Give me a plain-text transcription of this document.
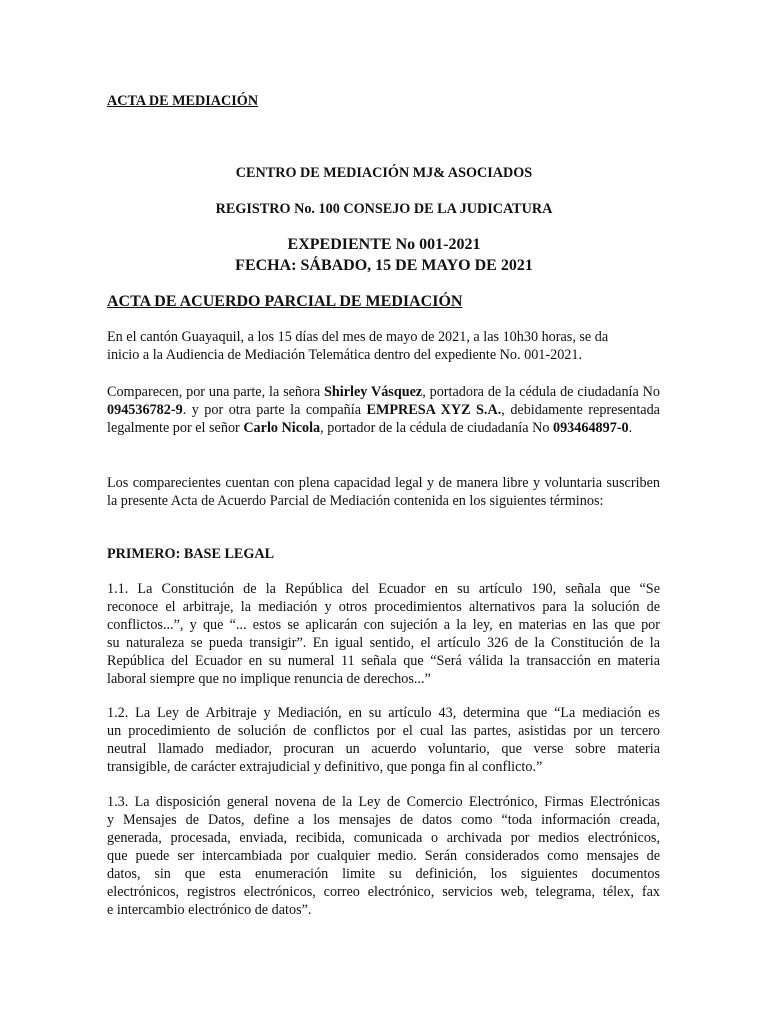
ACTA DE MEDIACIÓN

CENTRO DE MEDIACIÓN MJ& ASOCIADOS

REGISTRO No. 100 CONSEJO DE LA JUDICATURA

EXPEDIENTE No 001-2021

FECHA: SÁBADO, 15 DE MAYO DE 2021

ACTA DE ACUERDO PARCIAL DE MEDIACIÓN

En el cantón Guayaquil, a los 15 días del mes de mayo de 2021, a las 10h30 horas, se da
inicio a la Audiencia de Mediación Telemática dentro del expediente No. 001-2021.

Comparecen, por una parte, la señora Shirley Vásquez, portadora de la cédula de ciudadanía No 094536782-9. y por otra parte la compañía EMPRESA XYZ S.A., debidamente representada legalmente por el señor Carlo Nicola, portador de la cédula de ciudadanía No 093464897-0.

Los comparecientes cuentan con plena capacidad legal y de manera libre y voluntaria suscriben la presente Acta de Acuerdo Parcial de Mediación contenida en los siguientes términos:

PRIMERO: BASE LEGAL

1.1. La Constitución de la República del Ecuador en su artículo 190, señala que “Se
reconoce el arbitraje, la mediación y otros procedimientos alternativos para la solución de
conflictos...”, y que “... estos se aplicarán con sujeción a la ley, en materias en las que por
su naturaleza se pueda transigir”. En igual sentido, el artículo 326 de la Constitución de la
República del Ecuador en su numeral 11 señala que “Será válida la transacción en materia
laboral siempre que no implique renuncia de derechos...”
1.2. La Ley de Arbitraje y Mediación, en su artículo 43, determina que “La mediación es
un procedimiento de solución de conflictos por el cual las partes, asistidas por un tercero
neutral llamado mediador, procuran un acuerdo voluntario, que verse sobre materia
transigible, de carácter extrajudicial y definitivo, que ponga fin al conflicto.”
1.3. La disposición general novena de la Ley de Comercio Electrónico, Firmas Electrónicas
y Mensajes de Datos, define a los mensajes de datos como “toda información creada,
generada, procesada, enviada, recibida, comunicada o archivada por medios electrónicos,
que puede ser intercambiada por cualquier medio. Serán considerados como mensajes de
datos, sin que esta enumeración limite su definición, los siguientes documentos
electrónicos, registros electrónicos, correo electrónico, servicios web, telegrama, télex, fax
e intercambio electrónico de datos”.
